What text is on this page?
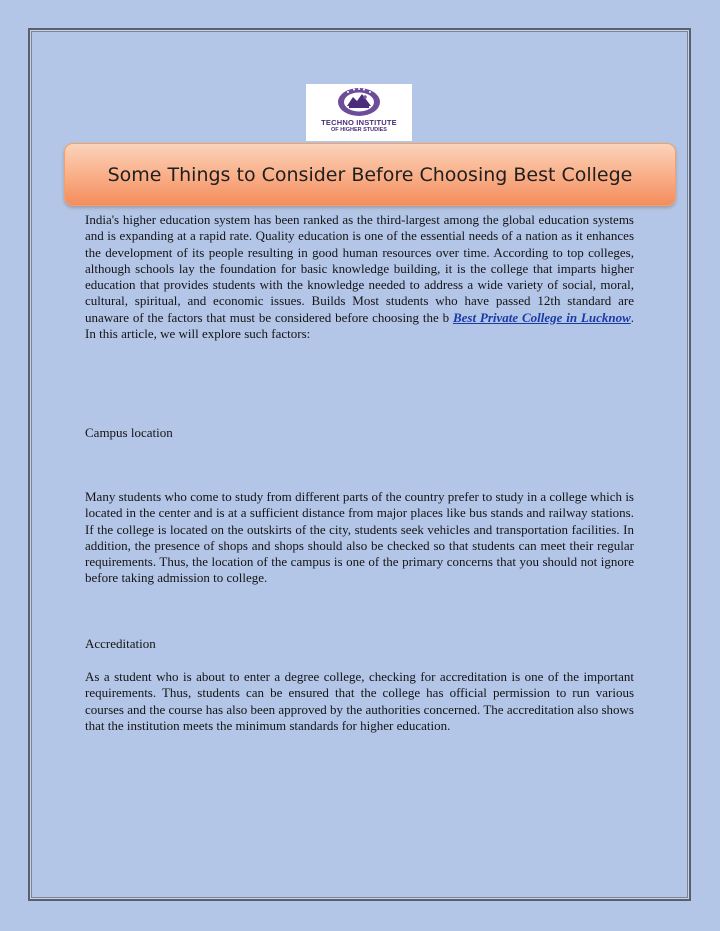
TECHNO INSTITUTE
OF HIGHER STUDIES
Some Things to Consider Before Choosing Best College

India's higher education system has been ranked as the third-largest among the global education systems and is expanding at a rapid rate. Quality education is one of the essential needs of a nation as it enhances the development of its people resulting in good human resources over time. According to top colleges, although schools lay the foundation for basic knowledge building, it is the college that imparts higher education that provides students with the knowledge needed to address a wide variety of social, moral, cultural, spiritual, and economic issues. Builds Most students who have passed 12th standard are unaware of the factors that must be considered before choosing the b Best Private College in Lucknow. In this article, we will explore such factors:

Campus location

Many students who come to study from different parts of the country prefer to study in a college which is located in the center and is at a sufficient distance from major places like bus stands and railway stations. If the college is located on the outskirts of the city, students seek vehicles and transportation facilities. In addition, the presence of shops and shops should also be checked so that students can meet their regular requirements. Thus, the location of the campus is one of the primary concerns that you should not ignore before taking admission to college.

Accreditation

As a student who is about to enter a degree college, checking for accreditation is one of the important requirements. Thus, students can be ensured that the college has official permission to run various courses and the course has also been approved by the authorities concerned. The accreditation also shows that the institution meets the minimum standards for higher education.
